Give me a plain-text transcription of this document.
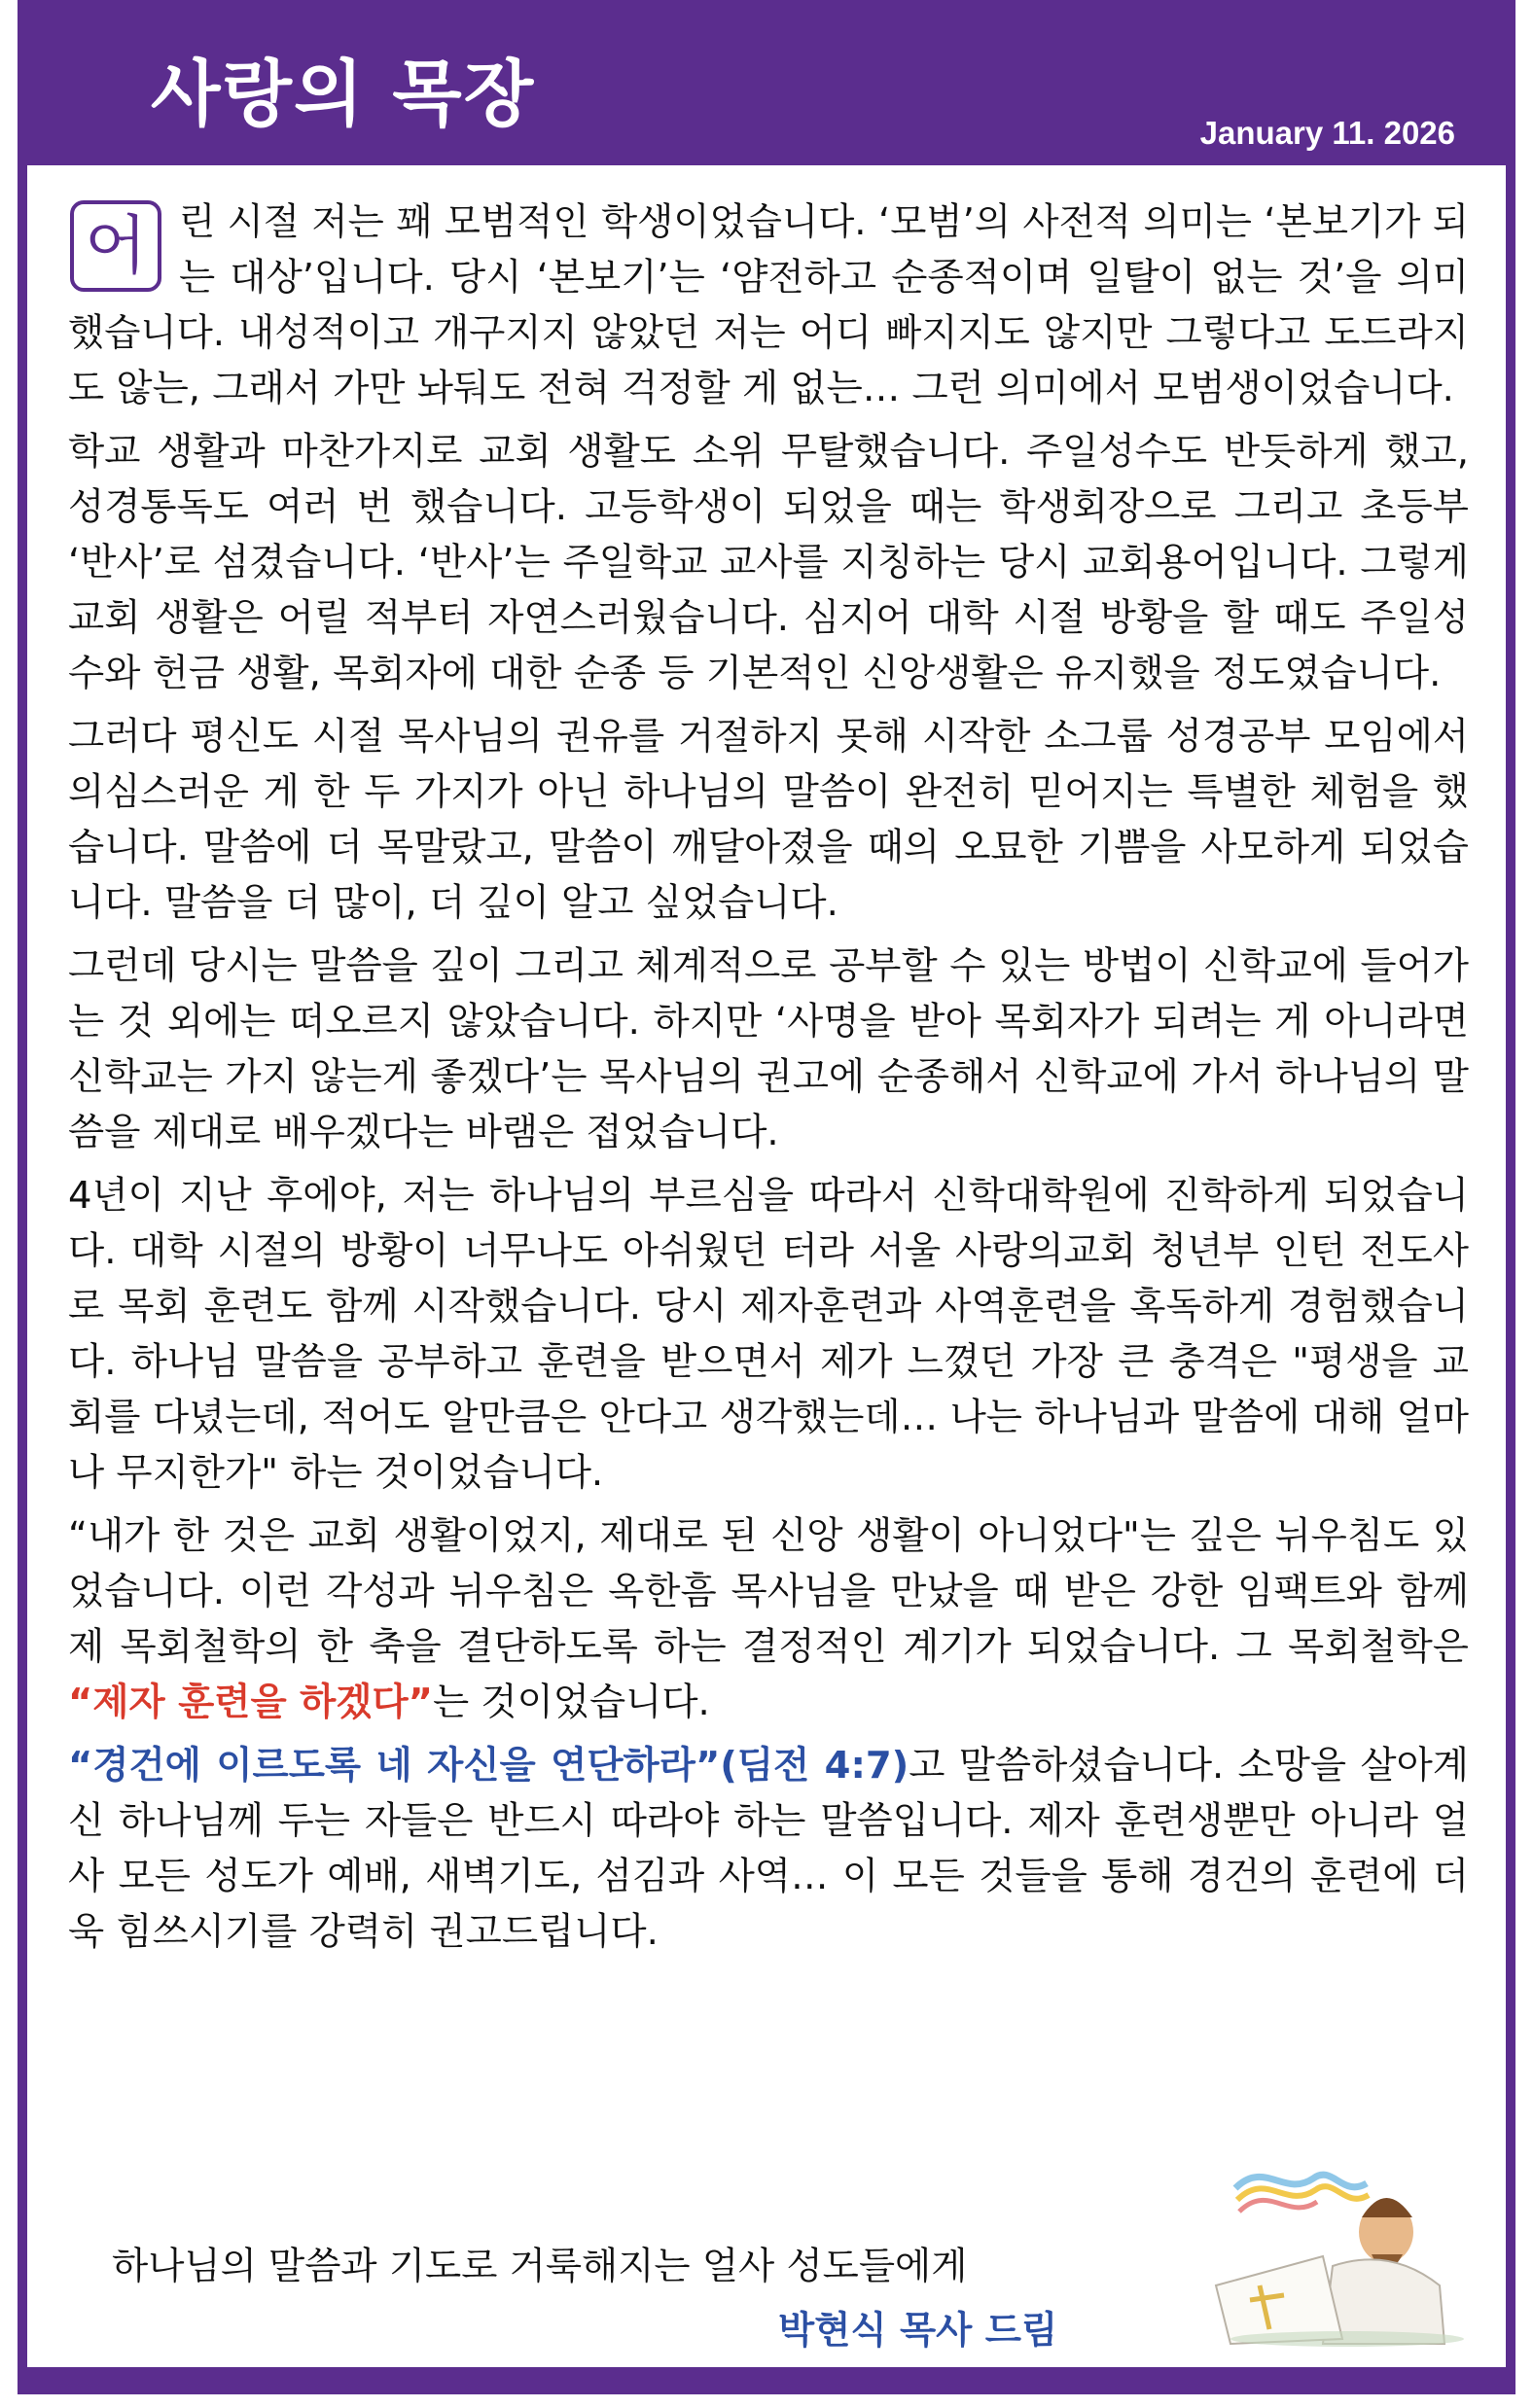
사랑의 목장	January 11. 2026

어 린 시절 저는 꽤 모범적인 학생이었습니다. ‘모범’의 사전적 의미는 ‘본보기가 되는 대상’입니다. 당시 ‘본보기’는 ‘얌전하고 순종적이며 일탈이 없는 것’을 의미했습니다. 내성적이고 개구지지 않았던 저는 어디 빠지지도 않지만 그렇다고 도드라지도 않는, 그래서 가만 놔둬도 전혀 걱정할 게 없는… 그런 의미에서 모범생이었습니다.

학교 생활과 마찬가지로 교회 생활도 소위 무탈했습니다. 주일성수도 반듯하게 했고, 성경통독도 여러 번 했습니다. 고등학생이 되었을 때는 학생회장으로 그리고 초등부 ‘반사’로 섬겼습니다. ‘반사’는 주일학교 교사를 지칭하는 당시 교회용어입니다. 그렇게 교회 생활은 어릴 적부터 자연스러웠습니다. 심지어 대학 시절 방황을 할 때도 주일성수와 헌금 생활, 목회자에 대한 순종 등 기본적인 신앙생활은 유지했을 정도였습니다.

그러다 평신도 시절 목사님의 권유를 거절하지 못해 시작한 소그룹 성경공부 모임에서 의심스러운 게 한 두 가지가 아닌 하나님의 말씀이 완전히 믿어지는 특별한 체험을 했습니다. 말씀에 더 목말랐고, 말씀이 깨달아졌을 때의 오묘한 기쁨을 사모하게 되었습니다. 말씀을 더 많이, 더 깊이 알고 싶었습니다.

그런데 당시는 말씀을 깊이 그리고 체계적으로 공부할 수 있는 방법이 신학교에 들어가는 것 외에는 떠오르지 않았습니다. 하지만 ‘사명을 받아 목회자가 되려는 게 아니라면 신학교는 가지 않는게 좋겠다’는 목사님의 권고에 순종해서 신학교에 가서 하나님의 말씀을 제대로 배우겠다는 바램은 접었습니다.

4년이 지난 후에야, 저는 하나님의 부르심을 따라서 신학대학원에 진학하게 되었습니다. 대학 시절의 방황이 너무나도 아쉬웠던 터라 서울 사랑의교회 청년부 인턴 전도사로 목회 훈련도 함께 시작했습니다. 당시 제자훈련과 사역훈련을 혹독하게 경험했습니다. 하나님 말씀을 공부하고 훈련을 받으면서 제가 느꼈던 가장 큰 충격은 "평생을 교회를 다녔는데, 적어도 알만큼은 안다고 생각했는데… 나는 하나님과 말씀에 대해 얼마나 무지한가" 하는 것이었습니다.

“내가 한 것은 교회 생활이었지, 제대로 된 신앙 생활이 아니었다"는 깊은 뉘우침도 있었습니다. 이런 각성과 뉘우침은 옥한흠 목사님을 만났을 때 받은 강한 임팩트와 함께 제 목회철학의 한 축을 결단하도록 하는 결정적인 계기가 되었습니다. 그 목회철학은 “제자 훈련을 하겠다”는 것이었습니다.

“경건에 이르도록 네 자신을 연단하라”(딤전 4:7)고 말씀하셨습니다. 소망을 살아계신 하나님께 두는 자들은 반드시 따라야 하는 말씀입니다. 제자 훈련생뿐만 아니라 얼사 모든 성도가 예배, 새벽기도, 섬김과 사역… 이 모든 것들을 통해 경건의 훈련에 더욱 힘쓰시기를 강력히 권고드립니다.

하나님의 말씀과 기도로 거룩해지는 얼사 성도들에게
박현식 목사 드림
